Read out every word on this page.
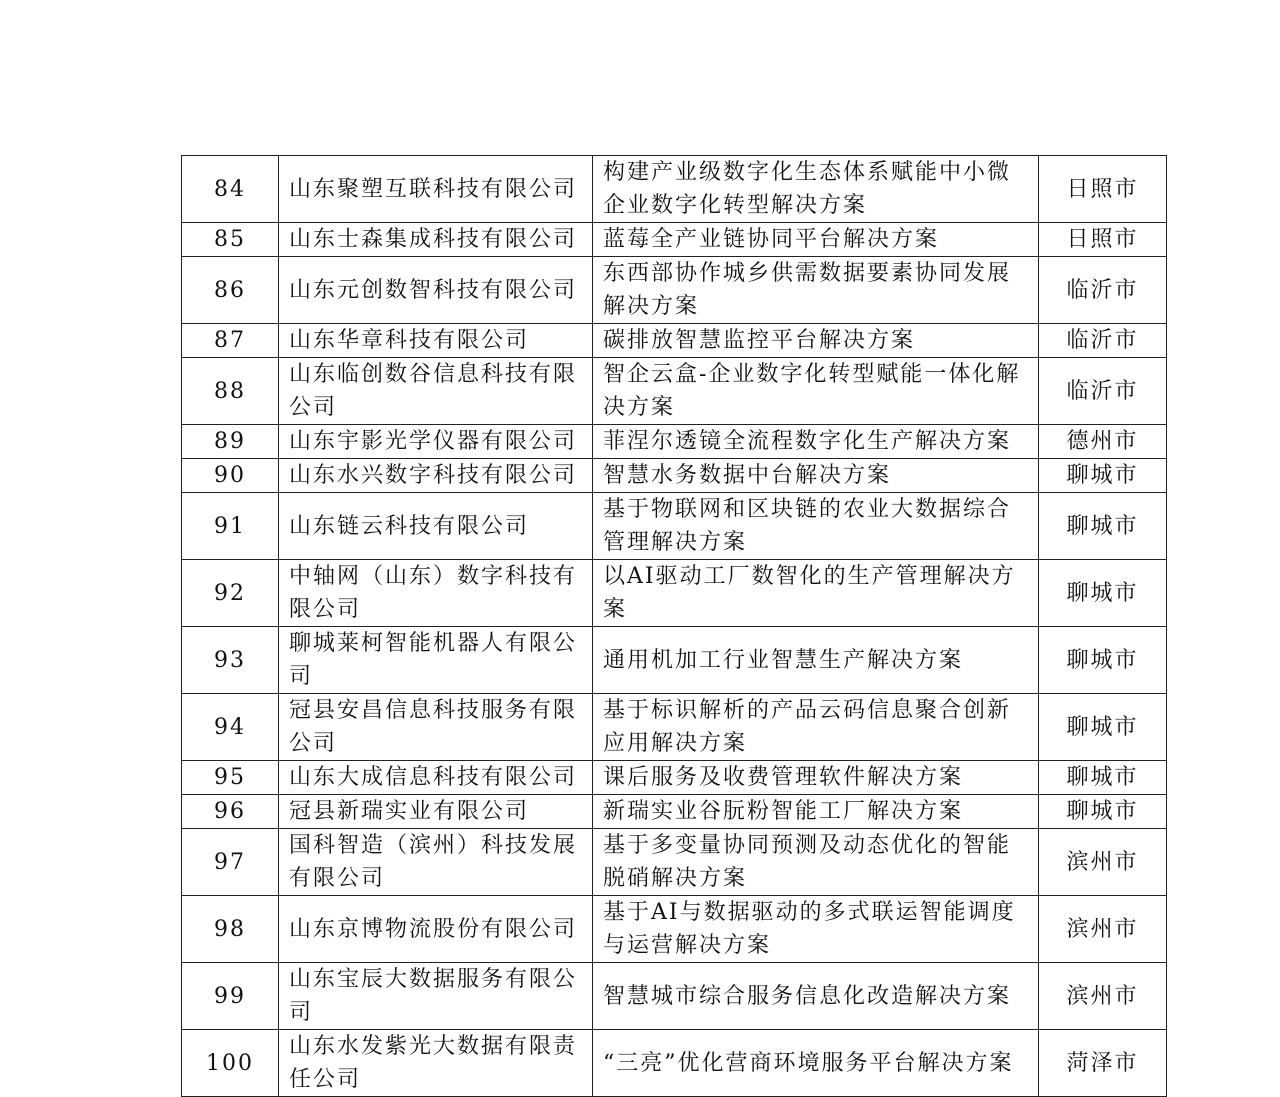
84	山东聚塑互联科技有限公司	构建产业级数字化生态体系赋能中小微企业数字化转型解决方案	日照市
85	山东士森集成科技有限公司	蓝莓全产业链协同平台解决方案	日照市
86	山东元创数智科技有限公司	东西部协作城乡供需数据要素协同发展解决方案	临沂市
87	山东华章科技有限公司	碳排放智慧监控平台解决方案	临沂市
88	山东临创数谷信息科技有限公司	智企云盒-企业数字化转型赋能一体化解决方案	临沂市
89	山东宇影光学仪器有限公司	菲涅尔透镜全流程数字化生产解决方案	德州市
90	山东水兴数字科技有限公司	智慧水务数据中台解决方案	聊城市
91	山东链云科技有限公司	基于物联网和区块链的农业大数据综合管理解决方案	聊城市
92	中轴网（山东）数字科技有限公司	以AI驱动工厂数智化的生产管理解决方案	聊城市
93	聊城莱柯智能机器人有限公司	通用机加工行业智慧生产解决方案	聊城市
94	冠县安昌信息科技服务有限公司	基于标识解析的产品云码信息聚合创新应用解决方案	聊城市
95	山东大成信息科技有限公司	课后服务及收费管理软件解决方案	聊城市
96	冠县新瑞实业有限公司	新瑞实业谷朊粉智能工厂解决方案	聊城市
97	国科智造（滨州）科技发展有限公司	基于多变量协同预测及动态优化的智能脱硝解决方案	滨州市
98	山东京博物流股份有限公司	基于AI与数据驱动的多式联运智能调度与运营解决方案	滨州市
99	山东宝辰大数据服务有限公司	智慧城市综合服务信息化改造解决方案	滨州市
100	山东水发紫光大数据有限责任公司	“三亮”优化营商环境服务平台解决方案	菏泽市
